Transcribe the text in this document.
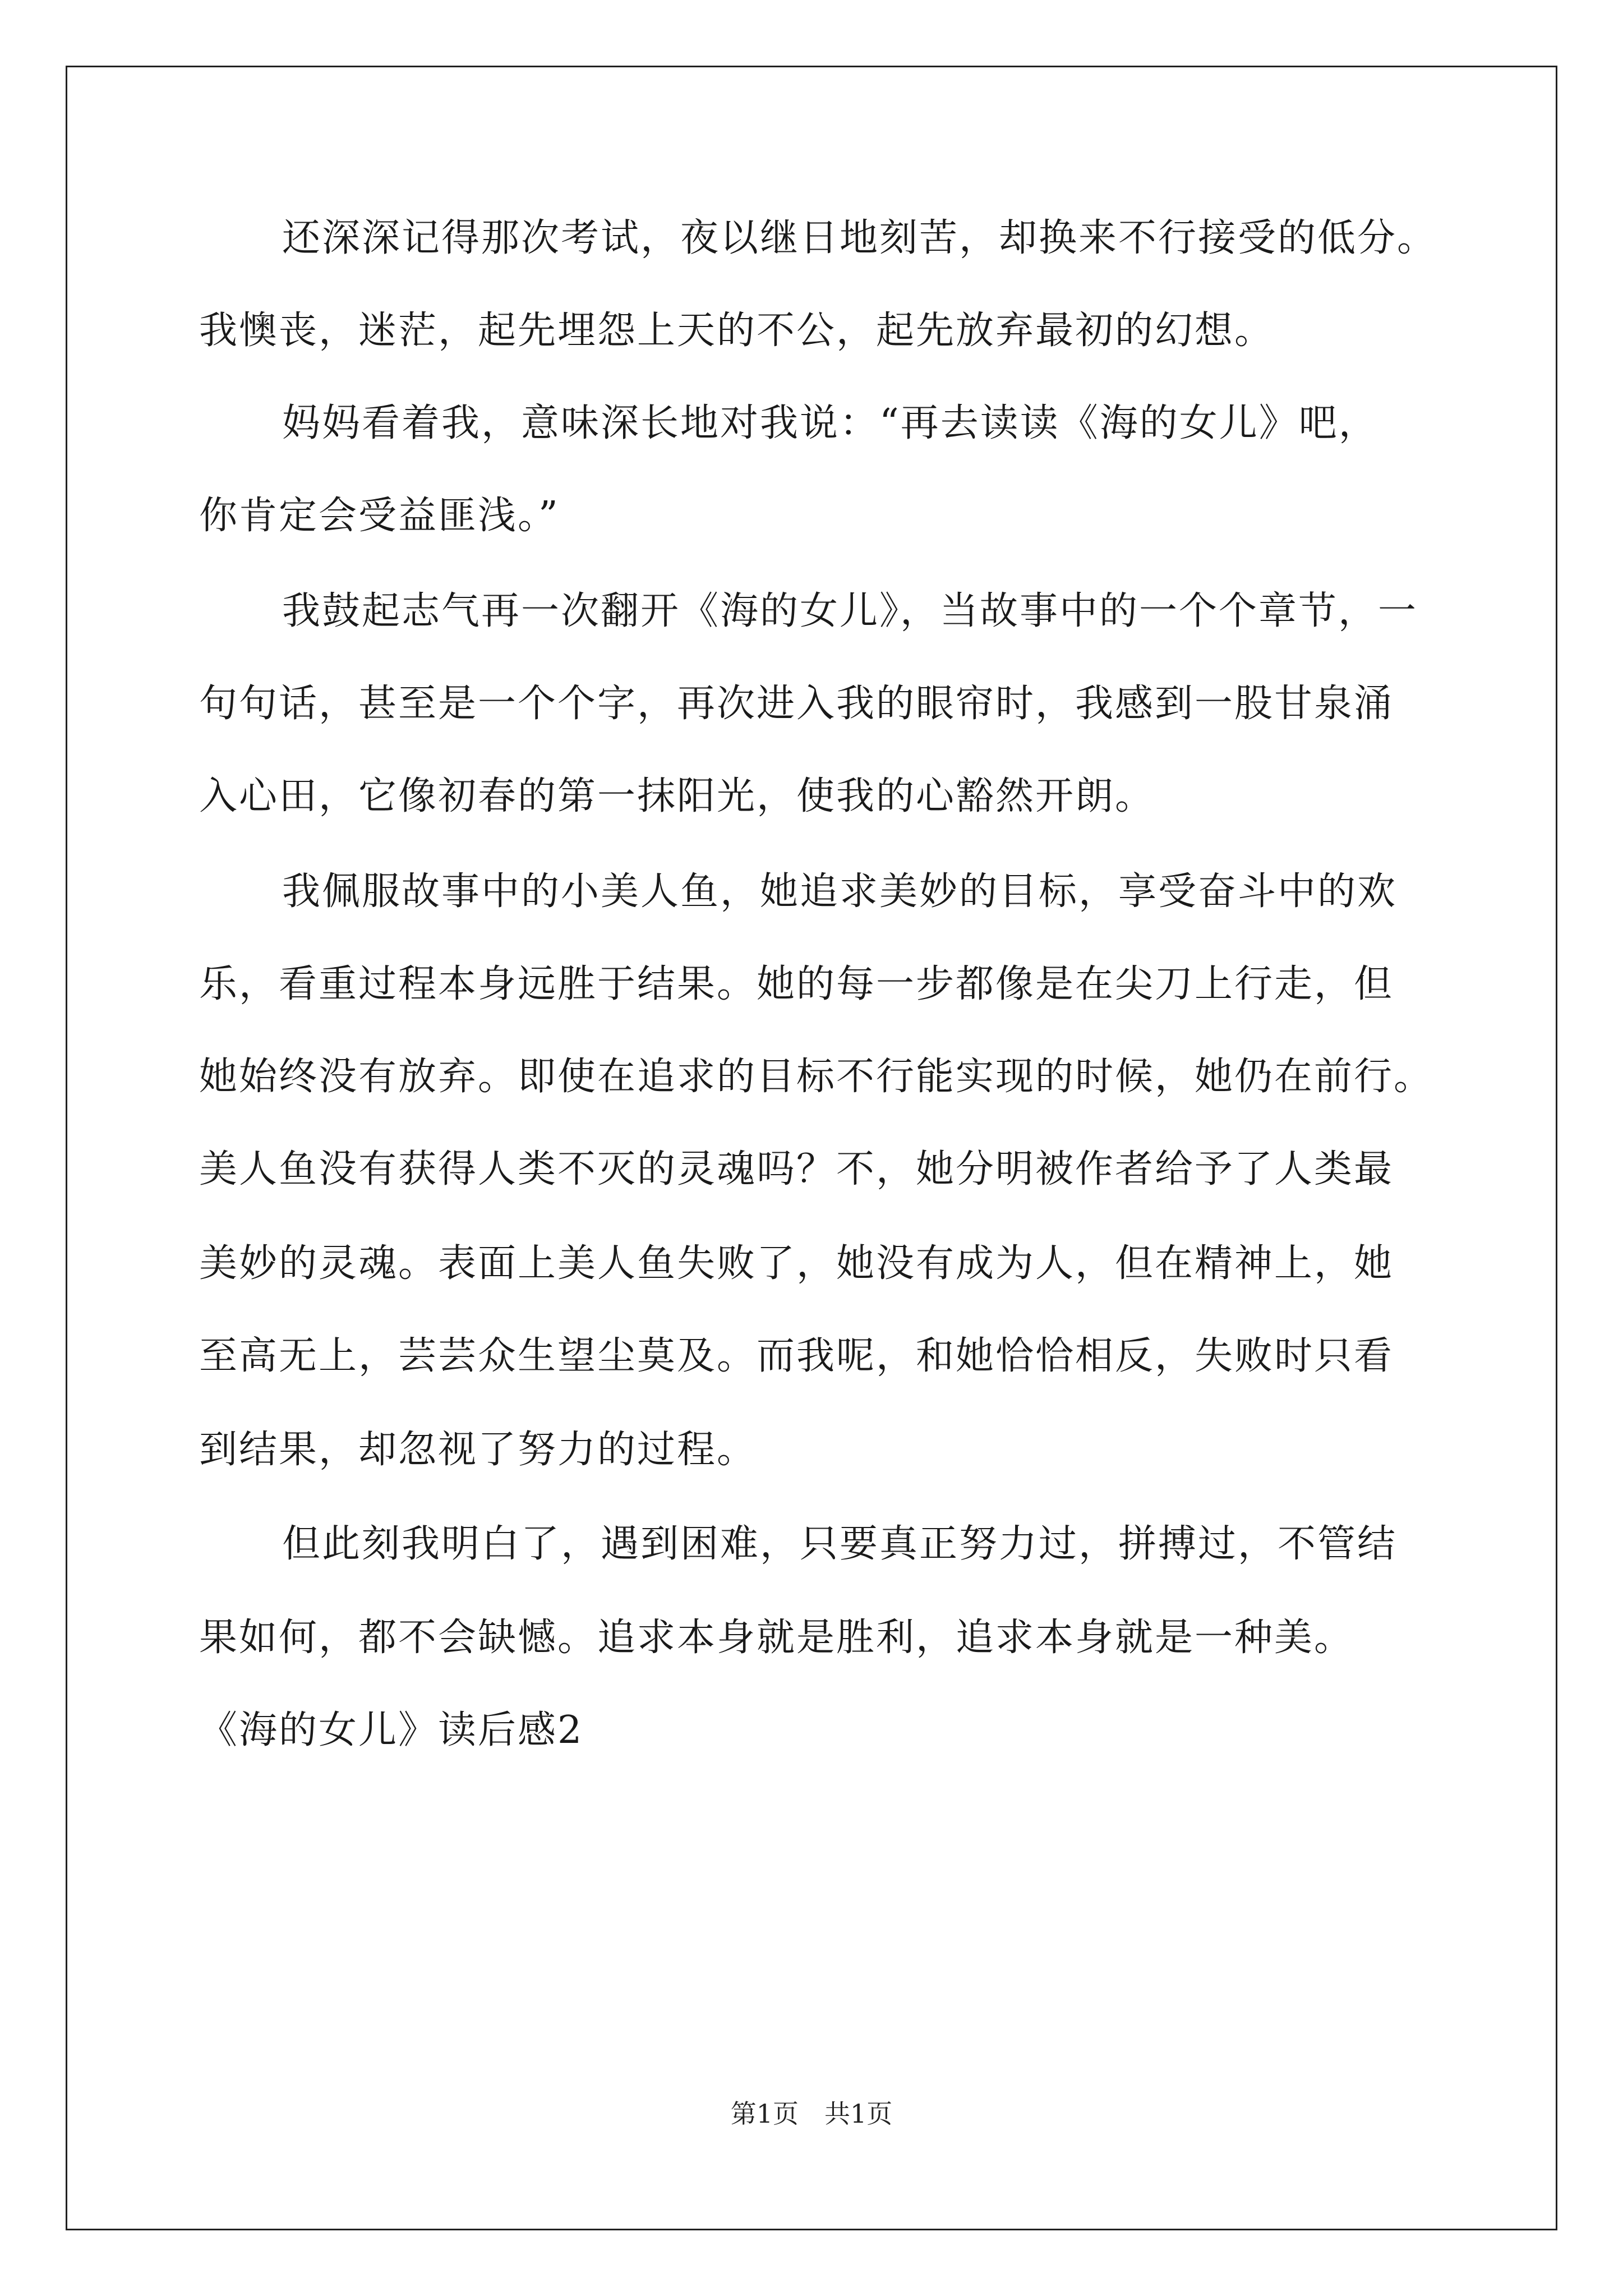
还深深记得那次考试，夜以继日地刻苦，却换来不行接受的低分。
我懊丧，迷茫，起先埋怨上天的不公，起先放弃最初的幻想。
妈妈看着我，意味深长地对我说：“再去读读《海的女儿》吧，
你肯定会受益匪浅。”
我鼓起志气再一次翻开《海的女儿》，当故事中的一个个章节，一
句句话，甚至是一个个字，再次进入我的眼帘时，我感到一股甘泉涌
入心田，它像初春的第一抹阳光，使我的心豁然开朗。
我佩服故事中的小美人鱼，她追求美妙的目标，享受奋斗中的欢
乐，看重过程本身远胜于结果。她的每一步都像是在尖刀上行走，但
她始终没有放弃。即使在追求的目标不行能实现的时候，她仍在前行。
美人鱼没有获得人类不灭的灵魂吗？不，她分明被作者给予了人类最
美妙的灵魂。表面上美人鱼失败了，她没有成为人，但在精神上，她
至高无上，芸芸众生望尘莫及。而我呢，和她恰恰相反，失败时只看
到结果，却忽视了努力的过程。
但此刻我明白了，遇到困难，只要真正努力过，拼搏过，不管结
果如何，都不会缺憾。追求本身就是胜利，追求本身就是一种美。
《海的女儿》读后感2
第1页　共1页
